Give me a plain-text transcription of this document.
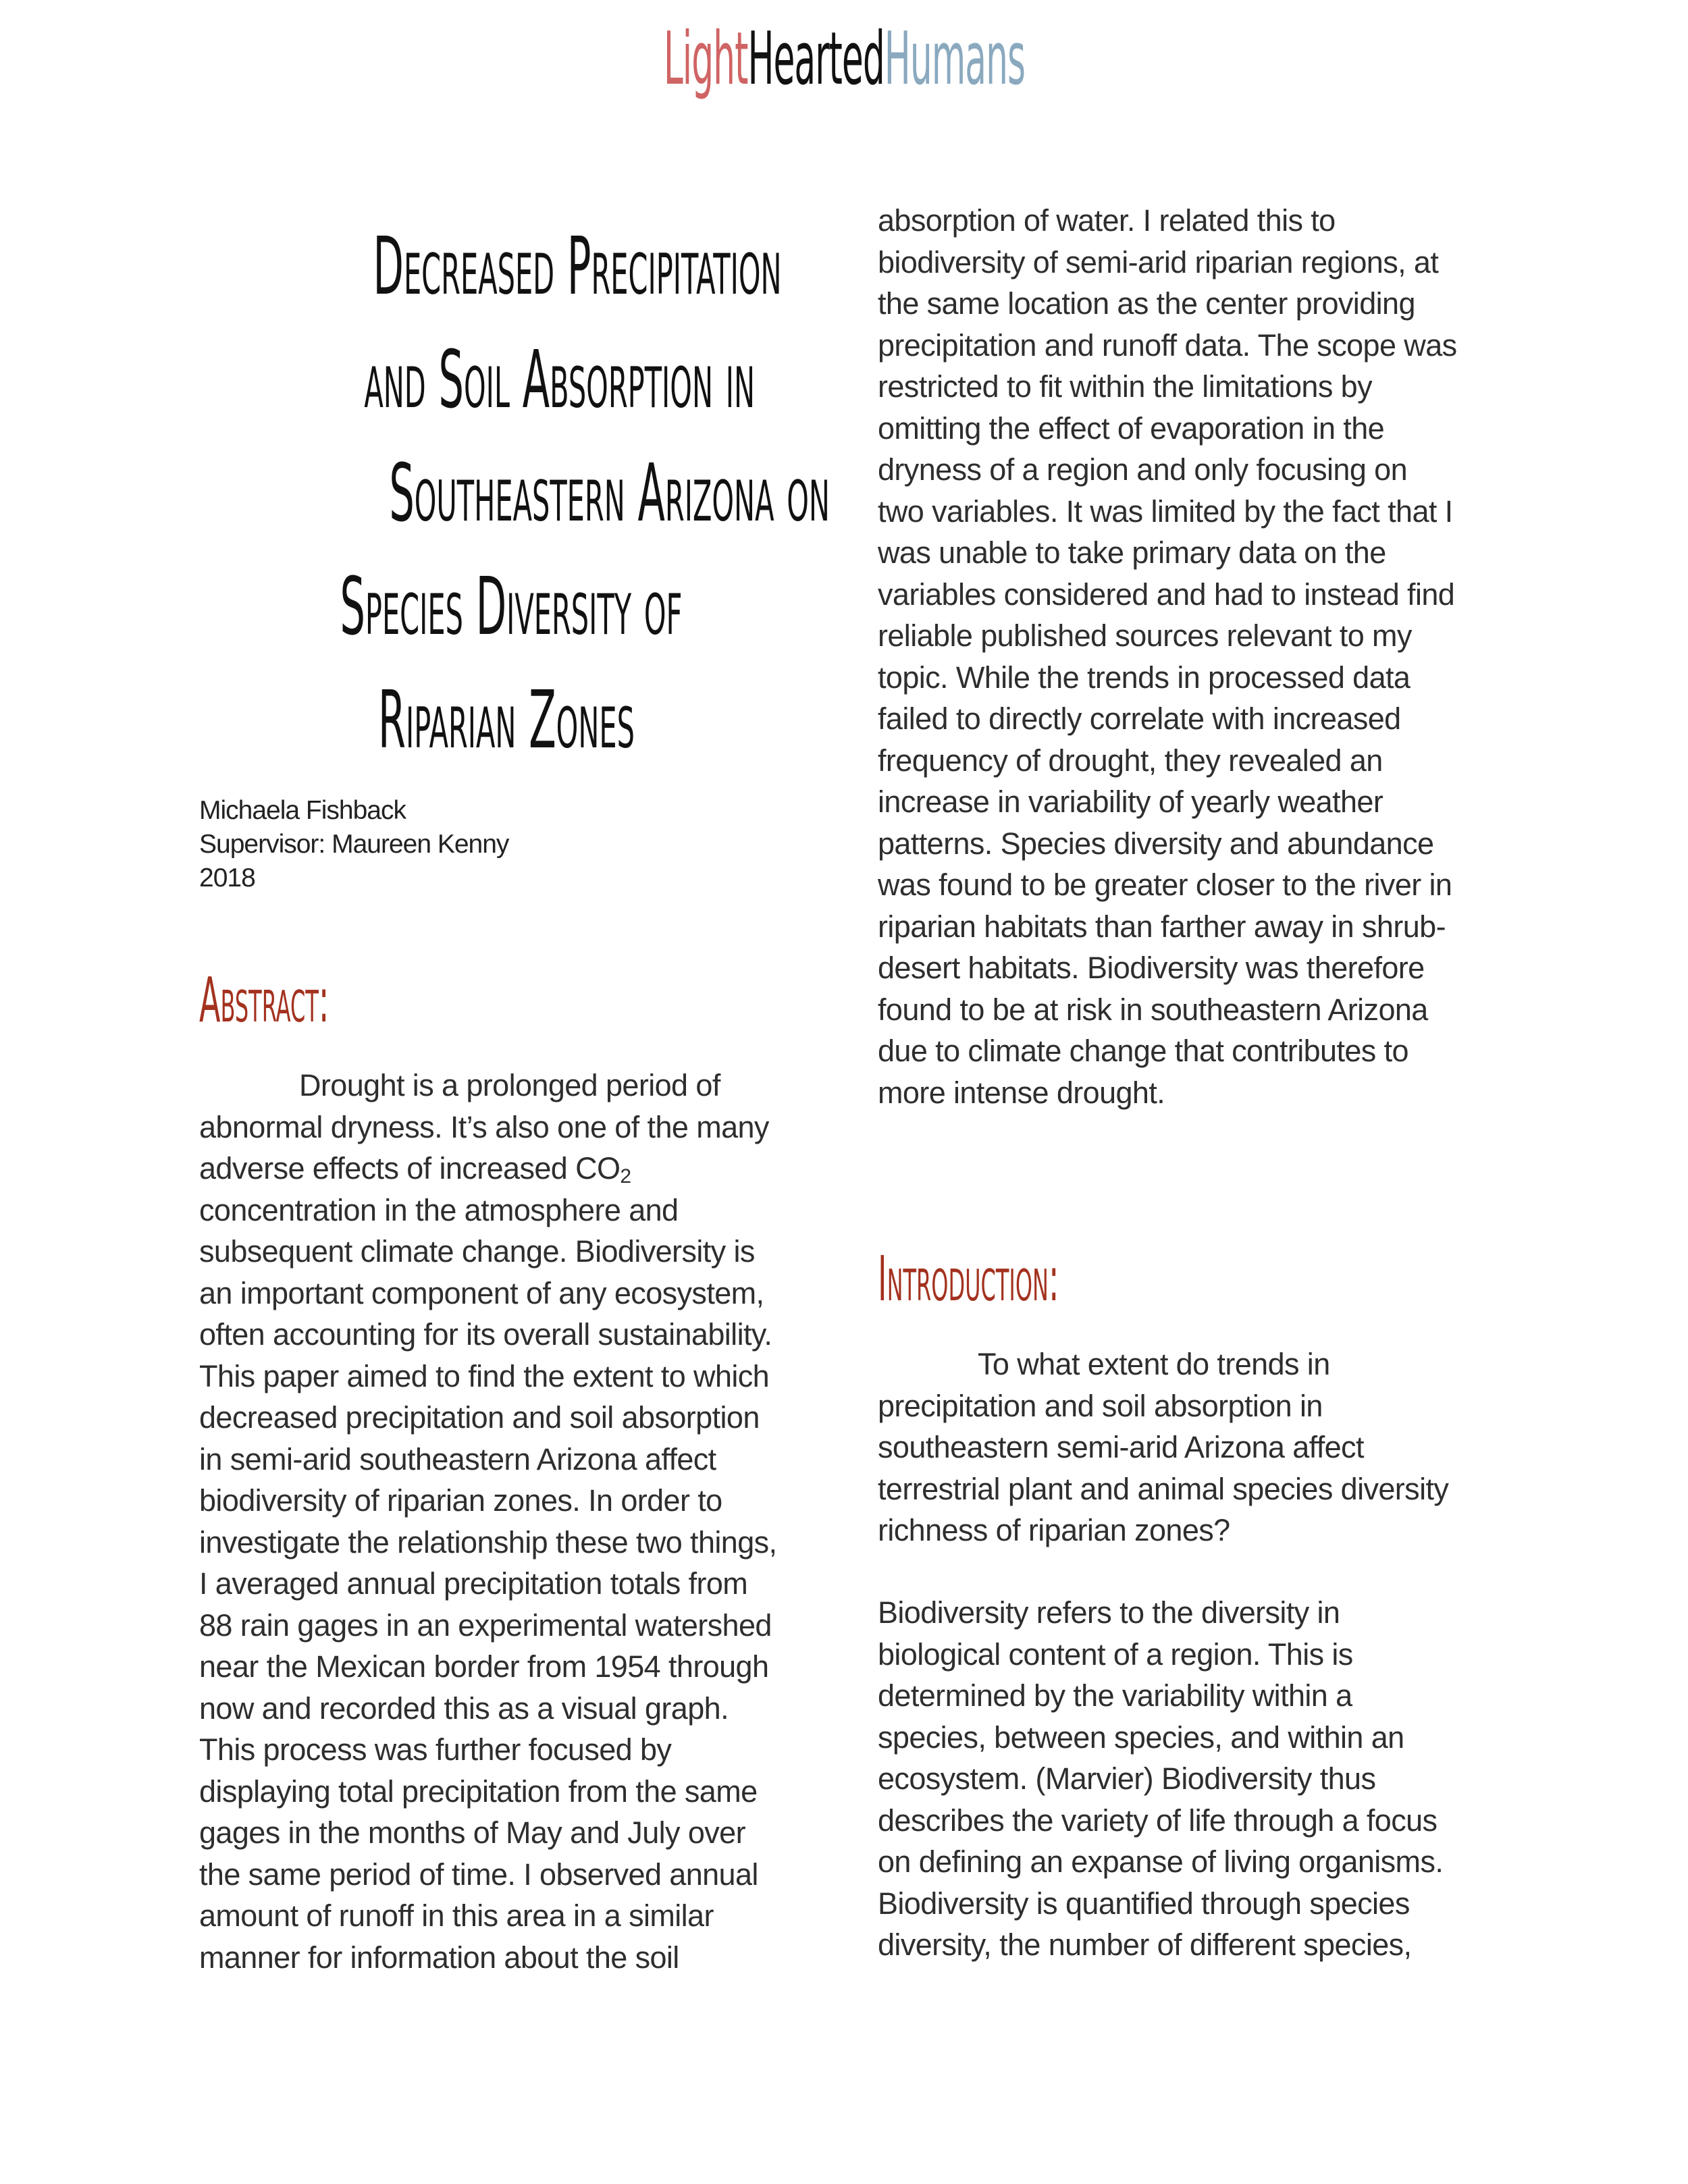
LightHeartedHumans
Decreased Precipitation
and Soil Absorption in
Southeastern Arizona on
Species Diversity of
Riparian Zones
Michaela Fishback
Supervisor: Maureen Kenny
2018
Abstract:
Drought is a prolonged period of
abnormal dryness. It’s also one of the many
adverse effects of increased $CO_2$
concentration in the atmosphere and
subsequent climate change. Biodiversity is
an important component of any ecosystem,
often accounting for its overall sustainability.
This paper aimed to find the extent to which
decreased precipitation and soil absorption
in semi-arid southeastern Arizona affect
biodiversity of riparian zones. In order to
investigate the relationship these two things,
I averaged annual precipitation totals from
88 rain gages in an experimental watershed
near the Mexican border from 1954 through
now and recorded this as a visual graph.
This process was further focused by
displaying total precipitation from the same
gages in the months of May and July over
the same period of time. I observed annual
amount of runoff in this area in a similar
manner for information about the soil
absorption of water. I related this to
biodiversity of semi-arid riparian regions, at
the same location as the center providing
precipitation and runoff data. The scope was
restricted to fit within the limitations by
omitting the effect of evaporation in the
dryness of a region and only focusing on
two variables. It was limited by the fact that I
was unable to take primary data on the
variables considered and had to instead find
reliable published sources relevant to my
topic. While the trends in processed data
failed to directly correlate with increased
frequency of drought, they revealed an
increase in variability of yearly weather
patterns. Species diversity and abundance
was found to be greater closer to the river in
riparian habitats than farther away in shrub-
desert habitats. Biodiversity was therefore
found to be at risk in southeastern Arizona
due to climate change that contributes to
more intense drought.
Introduction:
To what extent do trends in
precipitation and soil absorption in
southeastern semi-arid Arizona affect
terrestrial plant and animal species diversity
richness of riparian zones?
Biodiversity refers to the diversity in
biological content of a region. This is
determined by the variability within a
species, between species, and within an
ecosystem. (Marvier) Biodiversity thus
describes the variety of life through a focus
on defining an expanse of living organisms.
Biodiversity is quantified through species
diversity, the number of different species,
